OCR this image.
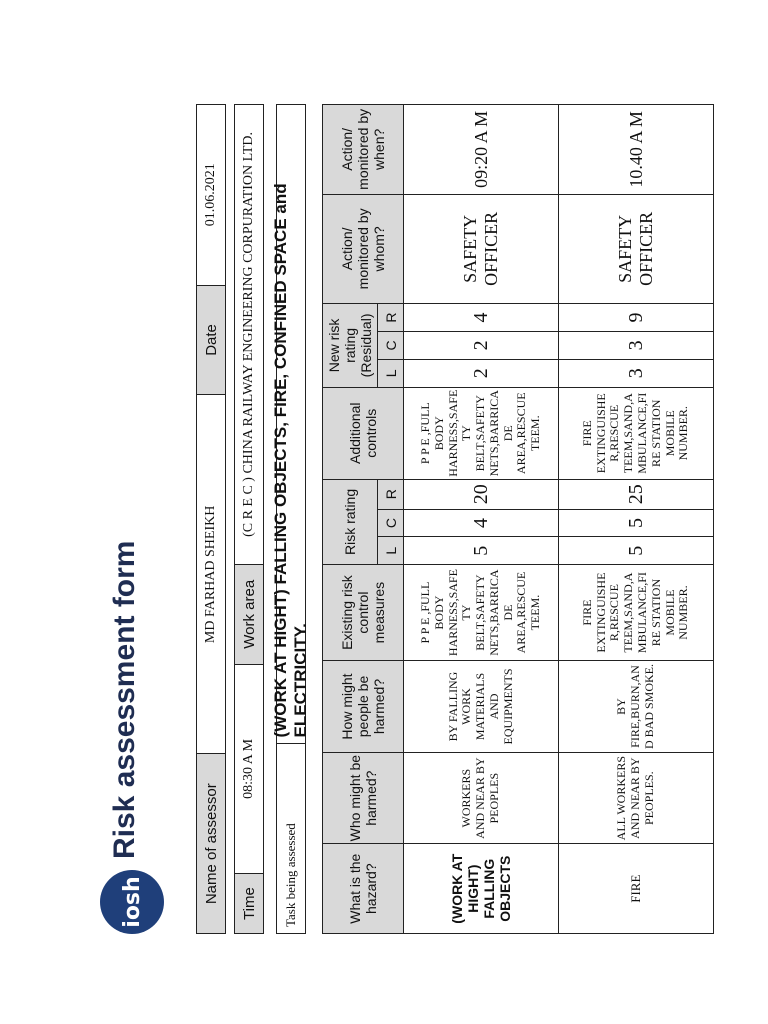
iosh
Risk assessment form	Name of assessor
MD FARHAD SHEIKH
Date
01.06.2021
Time
08:30 A M
Work area
(C R E C ) CHINA RAILWAY ENGINEERING CORPURATION LTD.
Task being assessed
(WORK AT HIGHT) FALLING OBJECTS, FIRE, CONFINED SPACE and ELECTRICITY.
What is the hazard?	Who might be harmed?	How might people be harmed?	Existing risk control measures	Risk rating			Additional controls	New risk rating (Residual)			Action/ monitored by whom?	Action/ monitored by when?
				L	C	R		L	C	R		
(WORK AT HIGHT) FALLING OBJECTS	WORKERS AND NEAR BY PEOPLES	BY FALLING WORK MATERIALS AND EQUIPMENTS	P P E ,FULL BODY HARNESS,SAFE TY BELT,SAFETY NETS,BARRICA DE AREA,RESCUE TEEM.	5	4	20	P P E ,FULL BODY HARNESS,SAFE TY BELT,SAFETY NETS,BARRICA DE AREA,RESCUE TEEM.	2	2	4	SAFETY OFFICER	09:20 A M
FIRE	ALL WORKERS AND NEAR BY PEOPLES.	BY FIRE,BURN,AN D BAD SMOKE.	FIRE EXTINGUISHE R,RESCUE TEEM,SAND,A MBULANCE,FI RE STATION MOBILE NUMBER.	5	5	25	FIRE EXTINGUISHE R,RESCUE TEEM,SAND,A MBULANCE,FI RE STATION MOBILE NUMBER.	3	3	9	SAFETY OFFICER	10.40 A M
